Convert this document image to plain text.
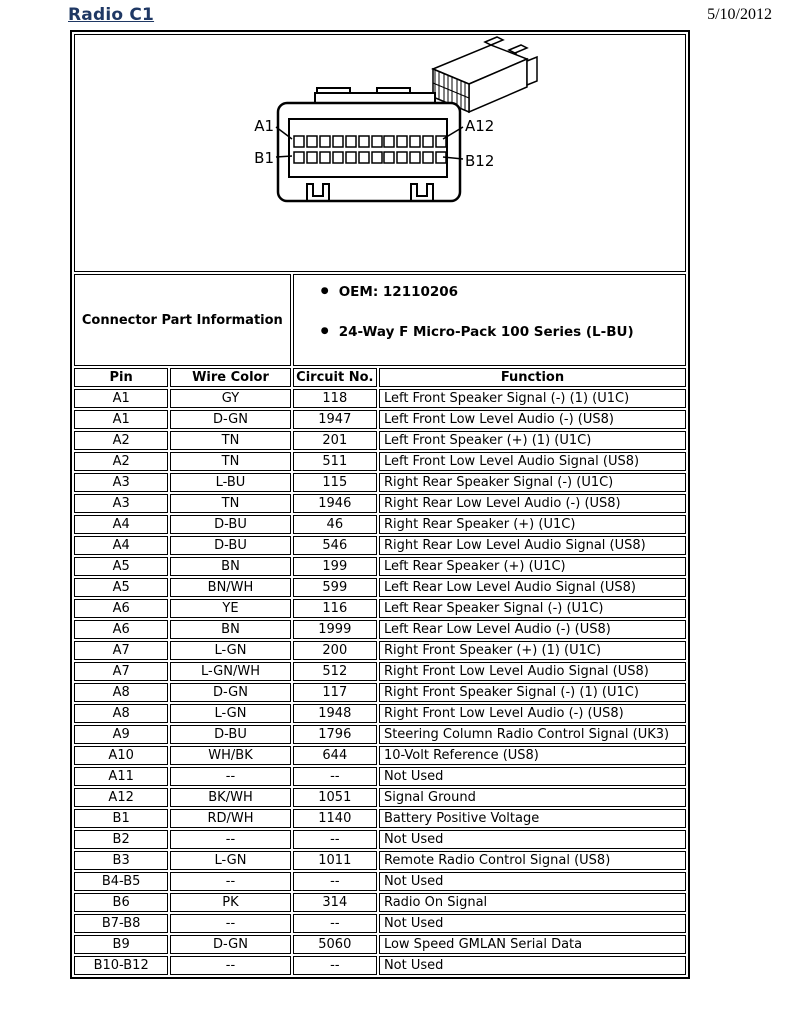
Radio C1	5/10/2012
A1 A12
B1 B12			

Connector Part Information	
● OEM: 12110206
● 24-Way F Micro-Pack 100 Series (L-BU)

Pin	Wire Color	Circuit No.	Function
A1	GY	118	Left Front Speaker Signal (-) (1) (U1C)
A1	D-GN	1947	Left Front Low Level Audio (-) (US8)
A2	TN	201	Left Front Speaker (+) (1) (U1C)
A2	TN	511	Left Front Low Level Audio Signal (US8)
A3	L-BU	115	Right Rear Speaker Signal (-) (U1C)
A3	TN	1946	Right Rear Low Level Audio (-) (US8)
A4	D-BU	46	Right Rear Speaker (+) (U1C)
A4	D-BU	546	Right Rear Low Level Audio Signal (US8)
A5	BN	199	Left Rear Speaker (+) (U1C)
A5	BN/WH	599	Left Rear Low Level Audio Signal (US8)
A6	YE	116	Left Rear Speaker Signal (-) (U1C)
A6	BN	1999	Left Rear Low Level Audio (-) (US8)
A7	L-GN	200	Right Front Speaker (+) (1) (U1C)
A7	L-GN/WH	512	Right Front Low Level Audio Signal (US8)
A8	D-GN	117	Right Front Speaker Signal (-) (1) (U1C)
A8	L-GN	1948	Right Front Low Level Audio (-) (US8)
A9	D-BU	1796	Steering Column Radio Control Signal (UK3)
A10	WH/BK	644	10-Volt Reference (US8)
A11	--	--	Not Used
A12	BK/WH	1051	Signal Ground
B1	RD/WH	1140	Battery Positive Voltage
B2	--	--	Not Used
B3	L-GN	1011	Remote Radio Control Signal (US8)
B4-B5	--	--	Not Used
B6	PK	314	Radio On Signal
B7-B8	--	--	Not Used
B9	D-GN	5060	Low Speed GMLAN Serial Data
B10-B12	--	--	Not Used
